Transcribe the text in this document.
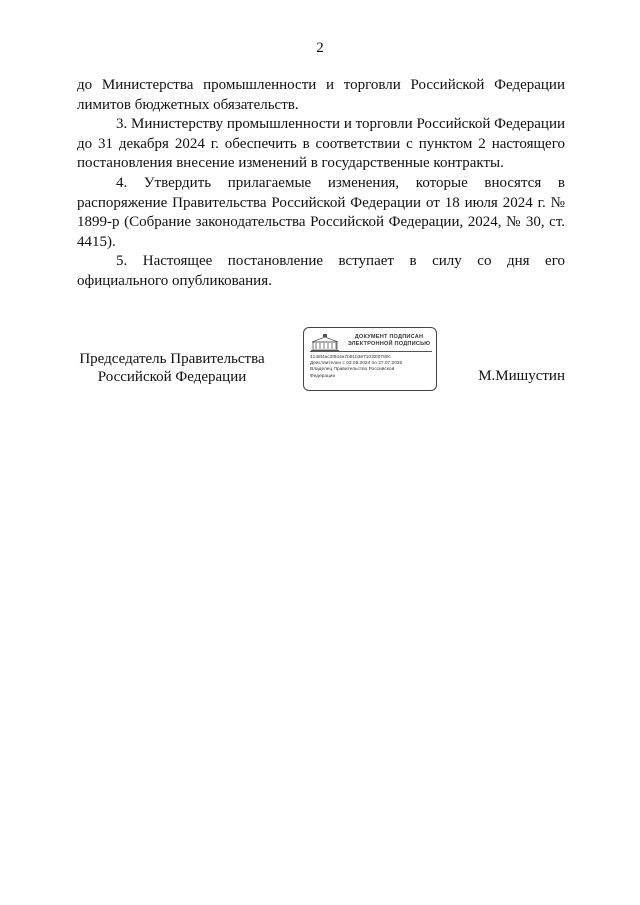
2

до Министерства промышленности и торговли Российской Федерации лимитов бюджетных обязательств.

3. Министерству промышленности и торговли Российской Федерации до 31 декабря 2024 г. обеспечить в соответствии с пунктом 2 настоящего постановления внесение изменений в государственные контракты.

4. Утвердить прилагаемые изменения, которые вносятся в распоряжение Правительства Российской Федерации от 18 июля 2024 г. № 1899-р (Собрание законодательства Российской Федерации, 2024, № 30, ст. 4415).

5. Настоящее постановление вступает в силу со дня его официального опубликования.

Председатель Правительства
Российской Федерации
ДОКУМЕНТ ПОДПИСАН
ЭЛЕКТРОННОЙ ПОДПИСЬЮ
4148f4ac3f944a7b91b3871032f0780c
Действителен с 03.05.2024 по 27.07.2025
Владелец Правительство Российской
Федерации	М.Мишустин
